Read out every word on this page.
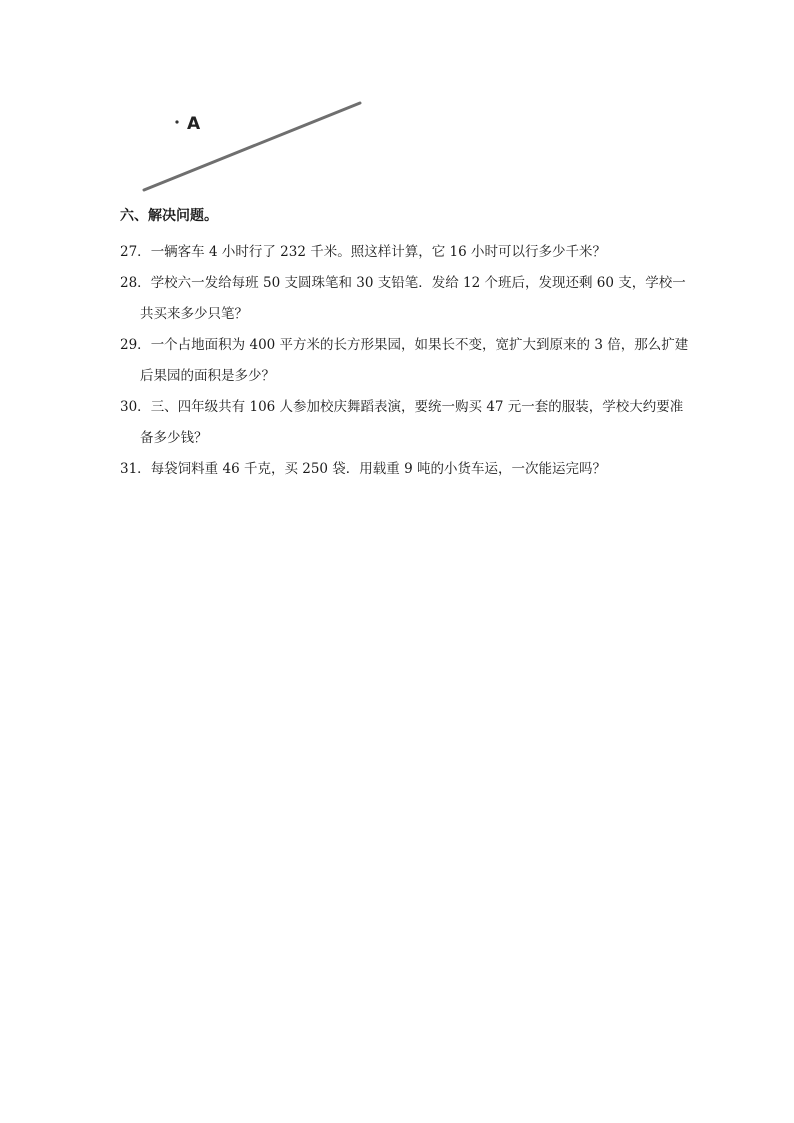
A
六、解决问题。
27．一辆客车 4 小时行了 232 千米。照这样计算，它 16 小时可以行多少千米？
28．学校六一发给每班 50 支圆珠笔和 30 支铅笔．发给 12 个班后，发现还剩 60 支，学校一共买来多少只笔？
29．一个占地面积为 400 平方米的长方形果园，如果长不变，宽扩大到原来的 3 倍，那么扩建后果园的面积是多少？
30．三、四年级共有 106 人参加校庆舞蹈表演，要统一购买 47 元一套的服装，学校大约要准备多少钱？
31．每袋饲料重 46 千克，买 250 袋．用载重 9 吨的小货车运，一次能运完吗？
